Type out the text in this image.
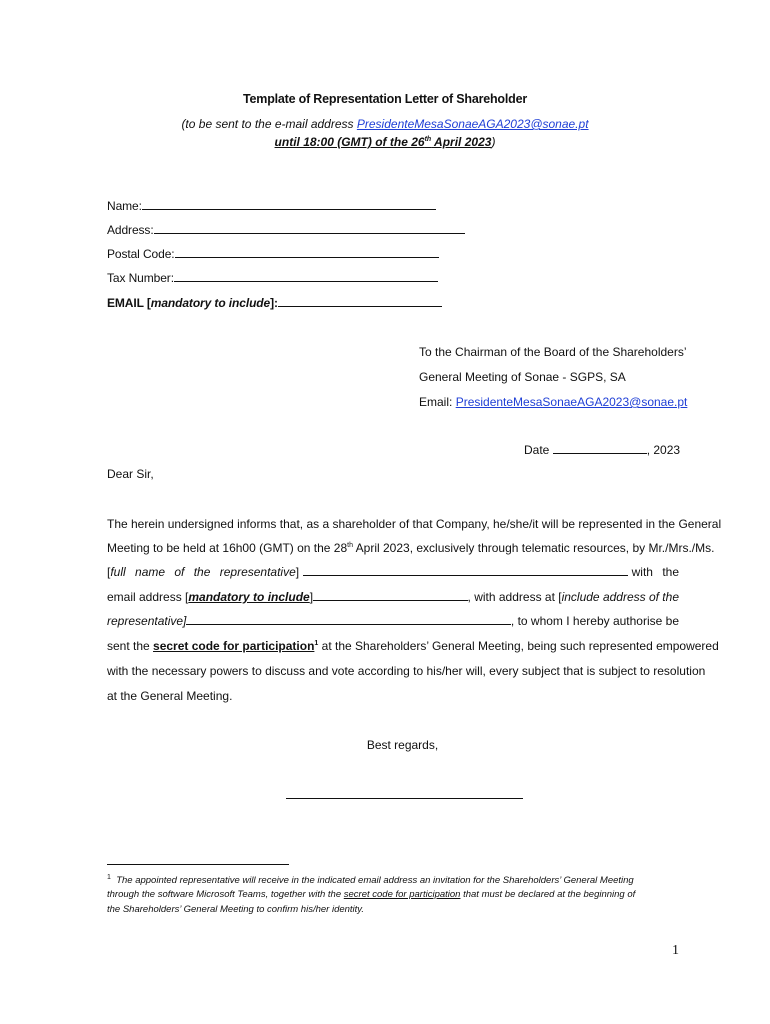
Template of Representation Letter of Shareholder
(to be sent to the e-mail address PresidenteMesaSonaeAGA2023@sonae.pt
until 18:00 (GMT) of the 26th April 2023)
Name:
Address:
Postal Code:
Tax Number:
EMAIL [mandatory to include]:
To the Chairman of the Board of the Shareholders’
General Meeting of Sonae - SGPS, SA
Email: PresidenteMesaSonaeAGA2023@sonae.pt
Date	, 2023
Dear Sir,
The herein undersigned informs that, as a shareholder of that Company, he/she/it will be represented in the General
Meeting to be held at 16h00 (GMT) on the 28th April 2023, exclusively through telematic resources, by Mr./Mrs./Ms.
[ full name of the representative ]	with the
email address [ mandatory to include ]	, with address at [ include address of the
representative]	, to whom I hereby authorise be
sent the secret code for participation$^1$ at the Shareholders’ General Meeting, being such represented empowered
with the necessary powers to discuss and vote according to his/her will, every subject that is subject to resolution
at the General Meeting.
Best regards,
$^1$ The appointed representative will receive in the indicated email address an invitation for the Shareholders’ General Meeting
through the software Microsoft Teams, together with the secret code for participation that must be declared at the beginning of
the Shareholders’ General Meeting to confirm his/her identity.
1
